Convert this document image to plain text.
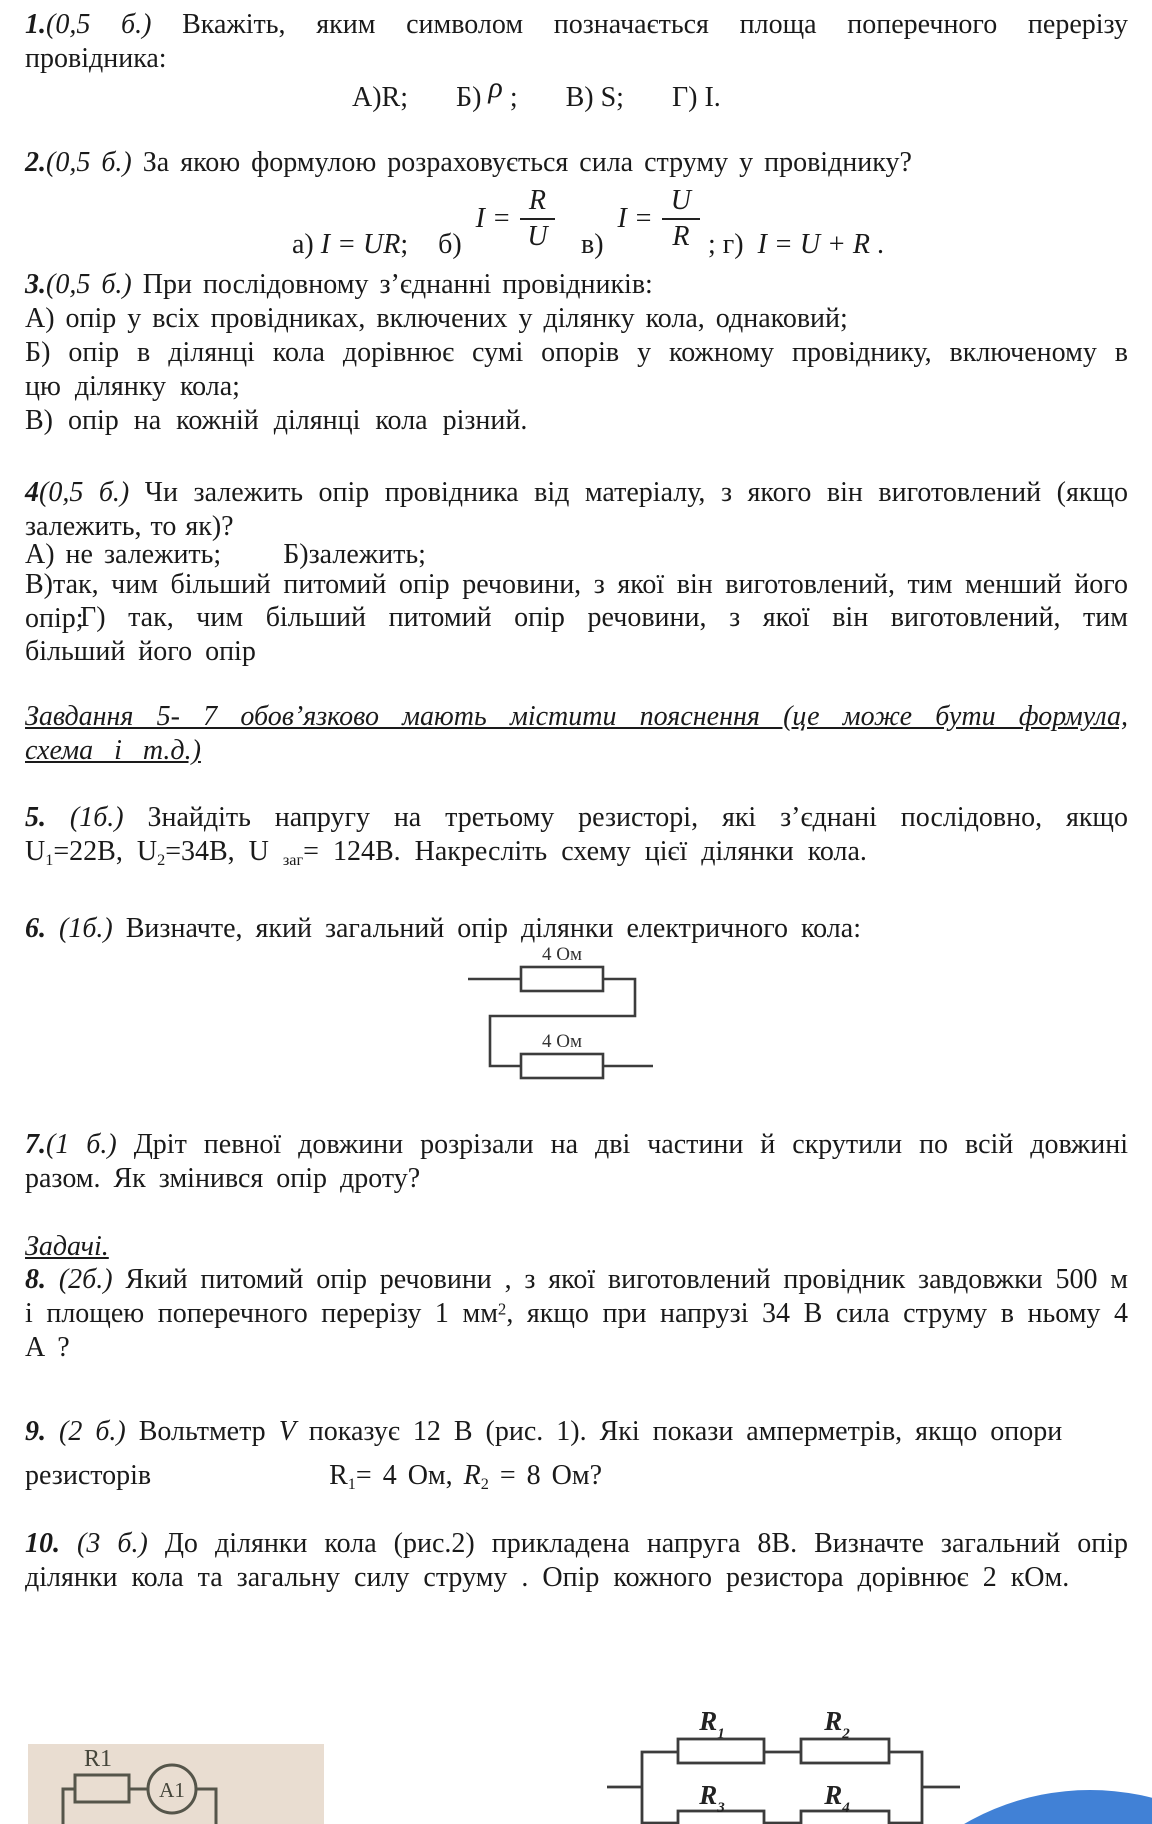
1.(0,5 б.) Вкажіть, яким символом позначається площа поперечного перерізу провідника:

А)R; Б) ρ ; В) S; Г) І.

2.(0,5 б.) За якою формулою розраховується сила струму у провіднику?

а) I = UR; б)
$I = \frac{R}{U} в$)
$I = \frac{U}{R}$ ; г) I = U + R .

3.(0,5 б.) При послідовному з’єднанні провідників:

А) опір у всіх провідниках, включених у ділянку кола, однаковий;

Б) опір в ділянці кола дорівнює сумі опорів у кожному провіднику, включеному в цю ділянку кола;

В) опір на кожній ділянці кола різний.

4(0,5 б.) Чи залежить опір провідника від матеріалу, з якого він виготовлений (якщо залежить, то як)?

А) не залежить; Б)залежить;

В)так, чим більший питомий опір речовини, з якої він виготовлений, тим менший його опір;

Г) так, чим більший питомий опір речовини, з якої він виготовлений, тим більший його опір

Завдання 5- 7 обов’язково мають містити пояснення (це може бути формула, схема і т.д.)

5. (1б.) Знайдіть напругу на третьому резисторі, які з’єднані послідовно, якщо $U_1=22В$, $U_2=34В$, U $_{заг}$= 124В. Накресліть схему цієї ділянки кола.

6. (1б.) Визначте, який загальний опір ділянки електричного кола:

4 Ом
4 Ом

7.(1 б.) Дріт певної довжини розрізали на дві частини й скрутили по всій довжині разом. Як змінився опір дроту?

Задачі.

8. (2б.) Який питомий опір речовини , з якої виготовлений провідник завдовжки 500 м і площею поперечного перерізу 1 $мм^2$, якщо при напрузі 34 В сила струму в ньому 4 А ?

9. (2 б.) Вольтметр V показує 12 В (рис. 1). Які покази амперметрів, якщо опори

резисторів	$R_1= 4$ Ом, $R_2 = 8$ Ом?

10. (3 б.) До ділянки кола (рис.2) прикладена напруга 8В. Визначте загальний опір ділянки кола та загальну силу струму . Опір кожного резистора дорівнює 2 кОм.

R1
A1
$R_1$	$R_2$
$R_3$	$R_4$
